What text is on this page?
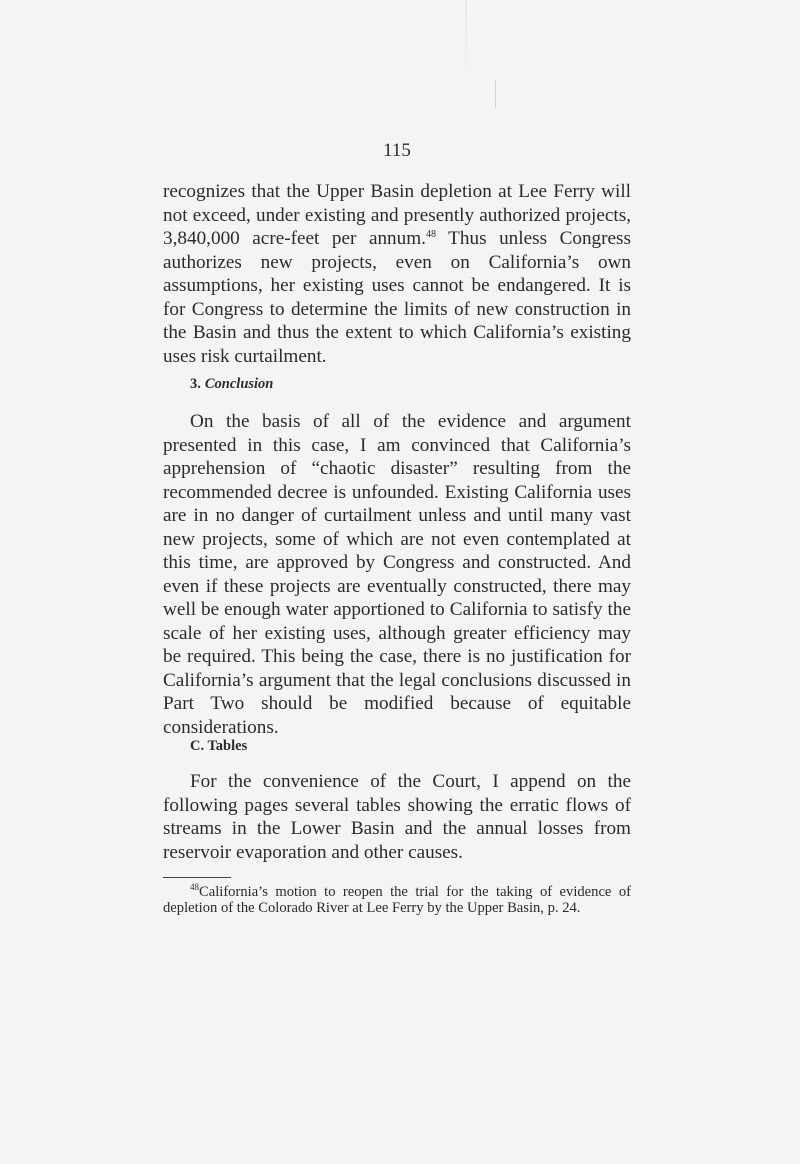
115

recognizes that the Upper Basin depletion at Lee Ferry will not exceed, under existing and presently authorized projects, 3,840,000 acre-feet per annum.$^{48}$ Thus unless Congress authorizes new projects, even on California’s own assumptions, her existing uses cannot be endangered. It is for Congress to determine the limits of new construction in the Basin and thus the extent to which California’s existing uses risk curtailment.

3. Conclusion

On the basis of all of the evidence and argument presented in this case, I am convinced that California’s apprehension of “chaotic disaster” resulting from the recommended decree is unfounded. Existing California uses are in no danger of curtailment unless and until many vast new projects, some of which are not even contemplated at this time, are approved by Congress and constructed. And even if these projects are eventually constructed, there may well be enough water apportioned to California to satisfy the scale of her existing uses, although greater efficiency may be required. This being the case, there is no justification for California’s argument that the legal conclusions discussed in Part Two should be modified because of equitable considerations.

C. Tables

For the convenience of the Court, I append on the following pages several tables showing the erratic flows of streams in the Lower Basin and the annual losses from reservoir evaporation and other causes.

$^{48}$California’s motion to reopen the trial for the taking of evidence of depletion of the Colorado River at Lee Ferry by the Upper Basin, p. 24.
